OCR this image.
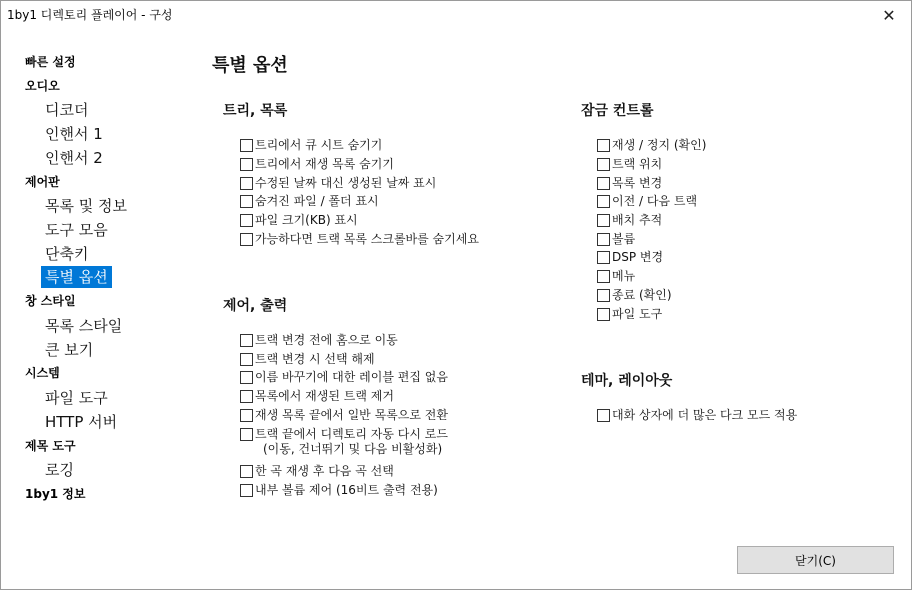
1by1 디렉토리 플레이어 - 구성	✕
빠른 설정
오디오
디코더
인핸서 1
인핸서 2
제어판
목록 및 정보
도구 모음
단축키
특별 옵션
창 스타일
목록 스타일
큰 보기
시스템
파일 도구
HTTP 서버
제목 도구
로깅
1by1 정보
특별 옵션
트리, 목록
트리에서 큐 시트 숨기기
트리에서 재생 목록 숨기기
수정된 날짜 대신 생성된 날짜 표시
숨겨진 파일 / 폴더 표시
파일 크기(KB) 표시
가능하다면 트랙 목록 스크롤바를 숨기세요
제어, 출력
트랙 변경 전에 홈으로 이동
트랙 변경 시 선택 해제
이름 바꾸기에 대한 레이블 편집 없음
목록에서 재생된 트랙 제거
재생 목록 끝에서 일반 목록으로 전환
트랙 끝에서 디렉토리 자동 다시 로드
(이동, 건너뛰기 및 다음 비활성화)
한 곡 재생 후 다음 곡 선택
내부 볼륨 제어 (16비트 출력 전용)
잠금 컨트롤
재생 / 정지 (확인)
트랙 위치
목록 변경
이전 / 다음 트랙
배치 추적
볼륨
DSP 변경
메뉴
종료 (확인)
파일 도구
테마, 레이아웃
대화 상자에 더 많은 다크 모드 적용
닫기(C)
